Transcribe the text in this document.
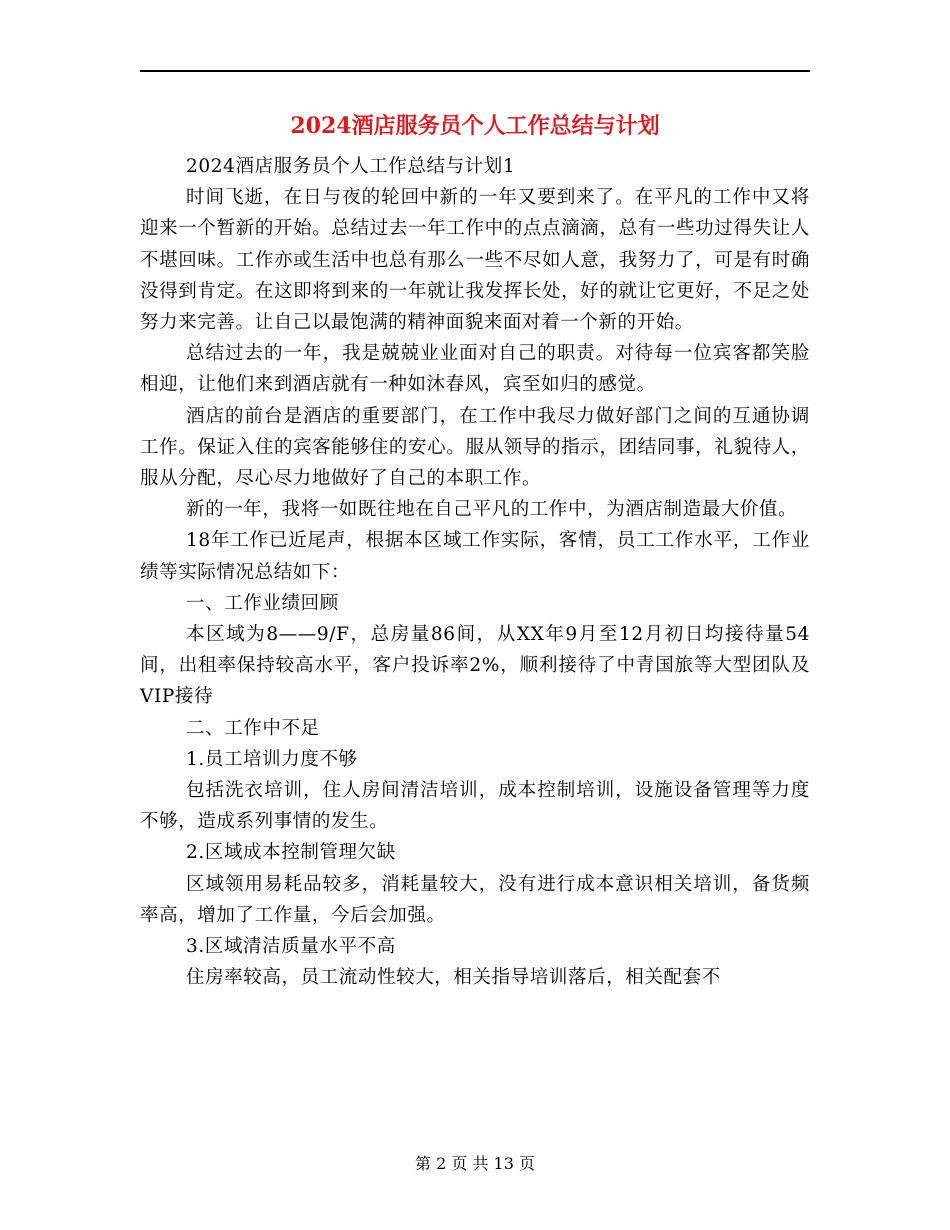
2024酒店服务员个人工作总结与计划

2024酒店服务员个人工作总结与计划1

时间飞逝，在日与夜的轮回中新的一年又要到来了。在平凡的工作中又将迎来一个暂新的开始。总结过去一年工作中的点点滴滴，总有一些功过得失让人不堪回味。工作亦或生活中也总有那么一些不尽如人意，我努力了，可是有时确没得到肯定。在这即将到来的一年就让我发挥长处，好的就让它更好，不足之处努力来完善。让自己以最饱满的精神面貌来面对着一个新的开始。

总结过去的一年，我是兢兢业业面对自己的职责。对待每一位宾客都笑脸相迎，让他们来到酒店就有一种如沐春风，宾至如归的感觉。

酒店的前台是酒店的重要部门，在工作中我尽力做好部门之间的互通协调工作。保证入住的宾客能够住的安心。服从领导的指示，团结同事，礼貌待人，服从分配，尽心尽力地做好了自己的本职工作。

新的一年，我将一如既往地在自己平凡的工作中，为酒店制造最大价值。

18年工作已近尾声，根据本区域工作实际，客情，员工工作水平，工作业绩等实际情况总结如下：

一、工作业绩回顾

本区域为8——9/F，总房量86间，从XX年9月至12月初日均接待量54间，出租率保持较高水平，客户投诉率2%，顺利接待了中青国旅等大型团队及VIP接待

二、工作中不足

1.员工培训力度不够

包括洗衣培训，住人房间清洁培训，成本控制培训，设施设备管理等力度不够，造成系列事情的发生。

2.区域成本控制管理欠缺

区域领用易耗品较多，消耗量较大，没有进行成本意识相关培训，备货频率高，增加了工作量，今后会加强。

3.区域清洁质量水平不高

住房率较高，员工流动性较大，相关指导培训落后，相关配套不

第 2 页 共 13 页
